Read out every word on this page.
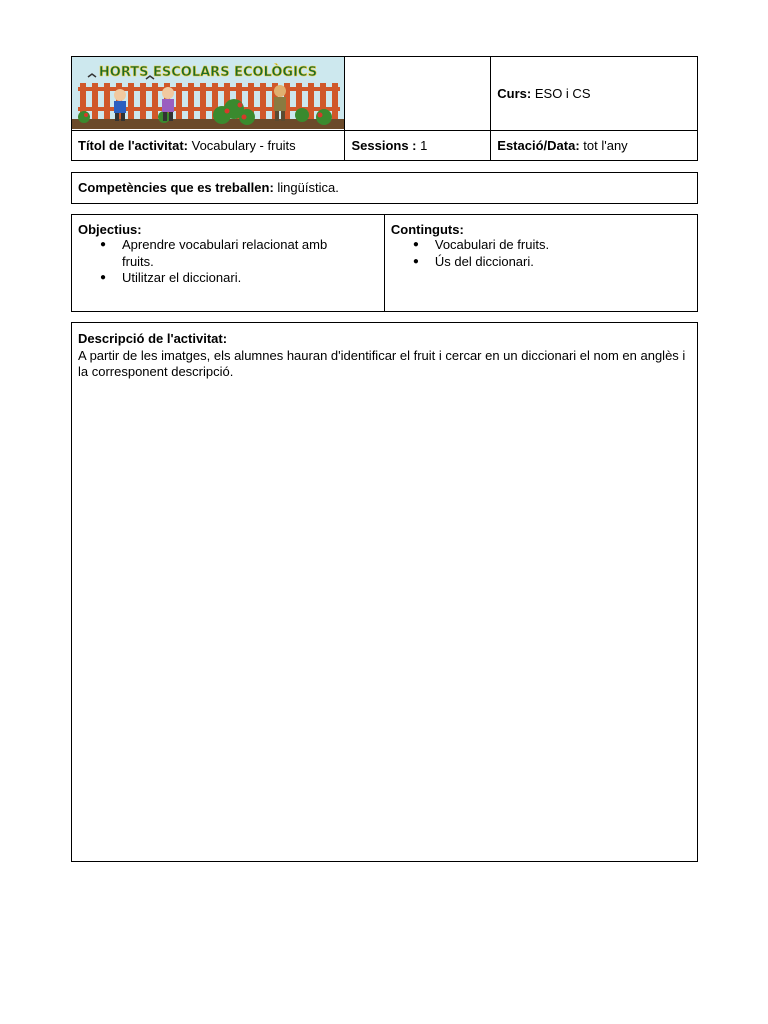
HORTS ESCOLARS ECOLÒGICS		Curs: ESO i CS
Títol de l'activitat: Vocabulary - fruits	Sessions : 1	Estació/Data: tot l'any
Competències que es treballen: lingüística.
Objectius:
● Aprendre vocabulari relacionat amb fruits.
● Utilitzar el diccionari.

Continguts:
● Vocabulari de fruits.
● Ús del diccionari.
Descripció de l'activitat:
A partir de les imatges, els alumnes hauran d'identificar el fruit i cercar en un diccionari el nom en anglès i la corresponent descripció.
